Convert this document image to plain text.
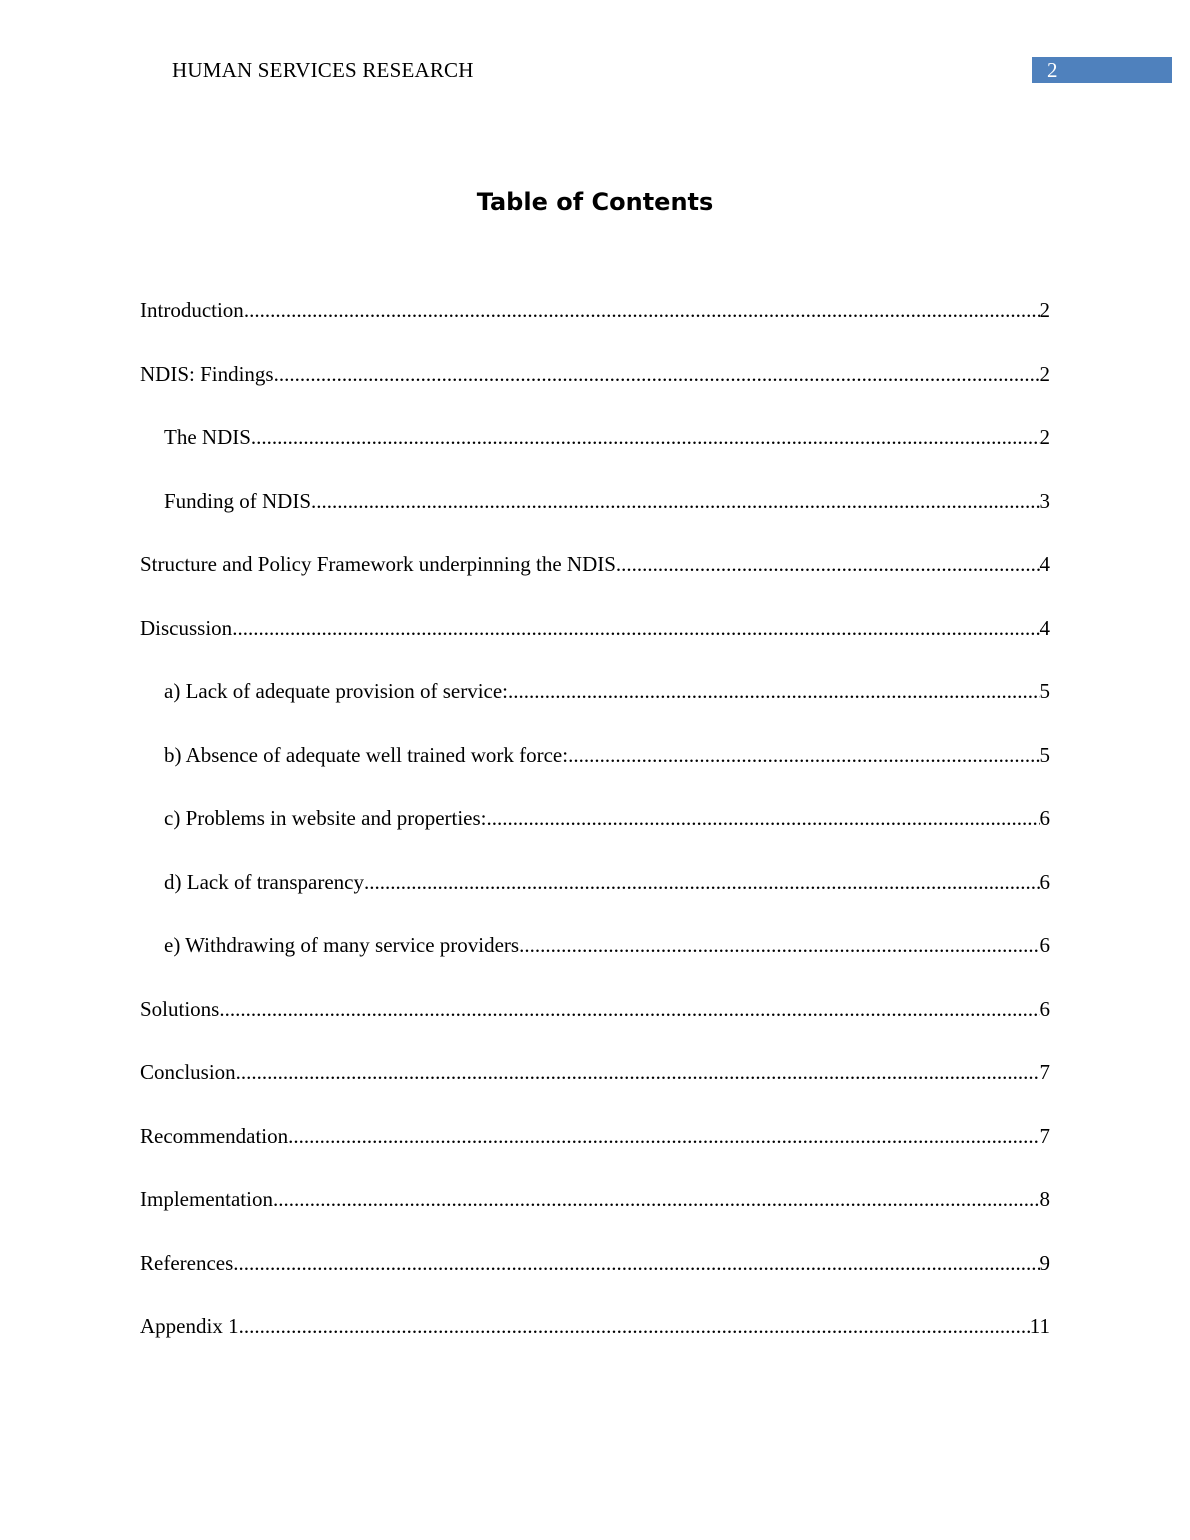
HUMAN SERVICES RESEARCH	2
Table of Contents
Introduction .....	2
NDIS: Findings .....	2
The NDIS .....	2
Funding of NDIS .....	3
Structure and Policy Framework underpinning the NDIS .....	4
Discussion .....	4
a) Lack of adequate provision of service: .....	5
b) Absence of adequate well trained work force: .....	5
c) Problems in website and properties: .....	6
d) Lack of transparency .....	6
e) Withdrawing of many service providers .....	6
Solutions .....	6
Conclusion .....	7
Recommendation .....	7
Implementation .....	8
References .....	9
Appendix 1 .....	11
